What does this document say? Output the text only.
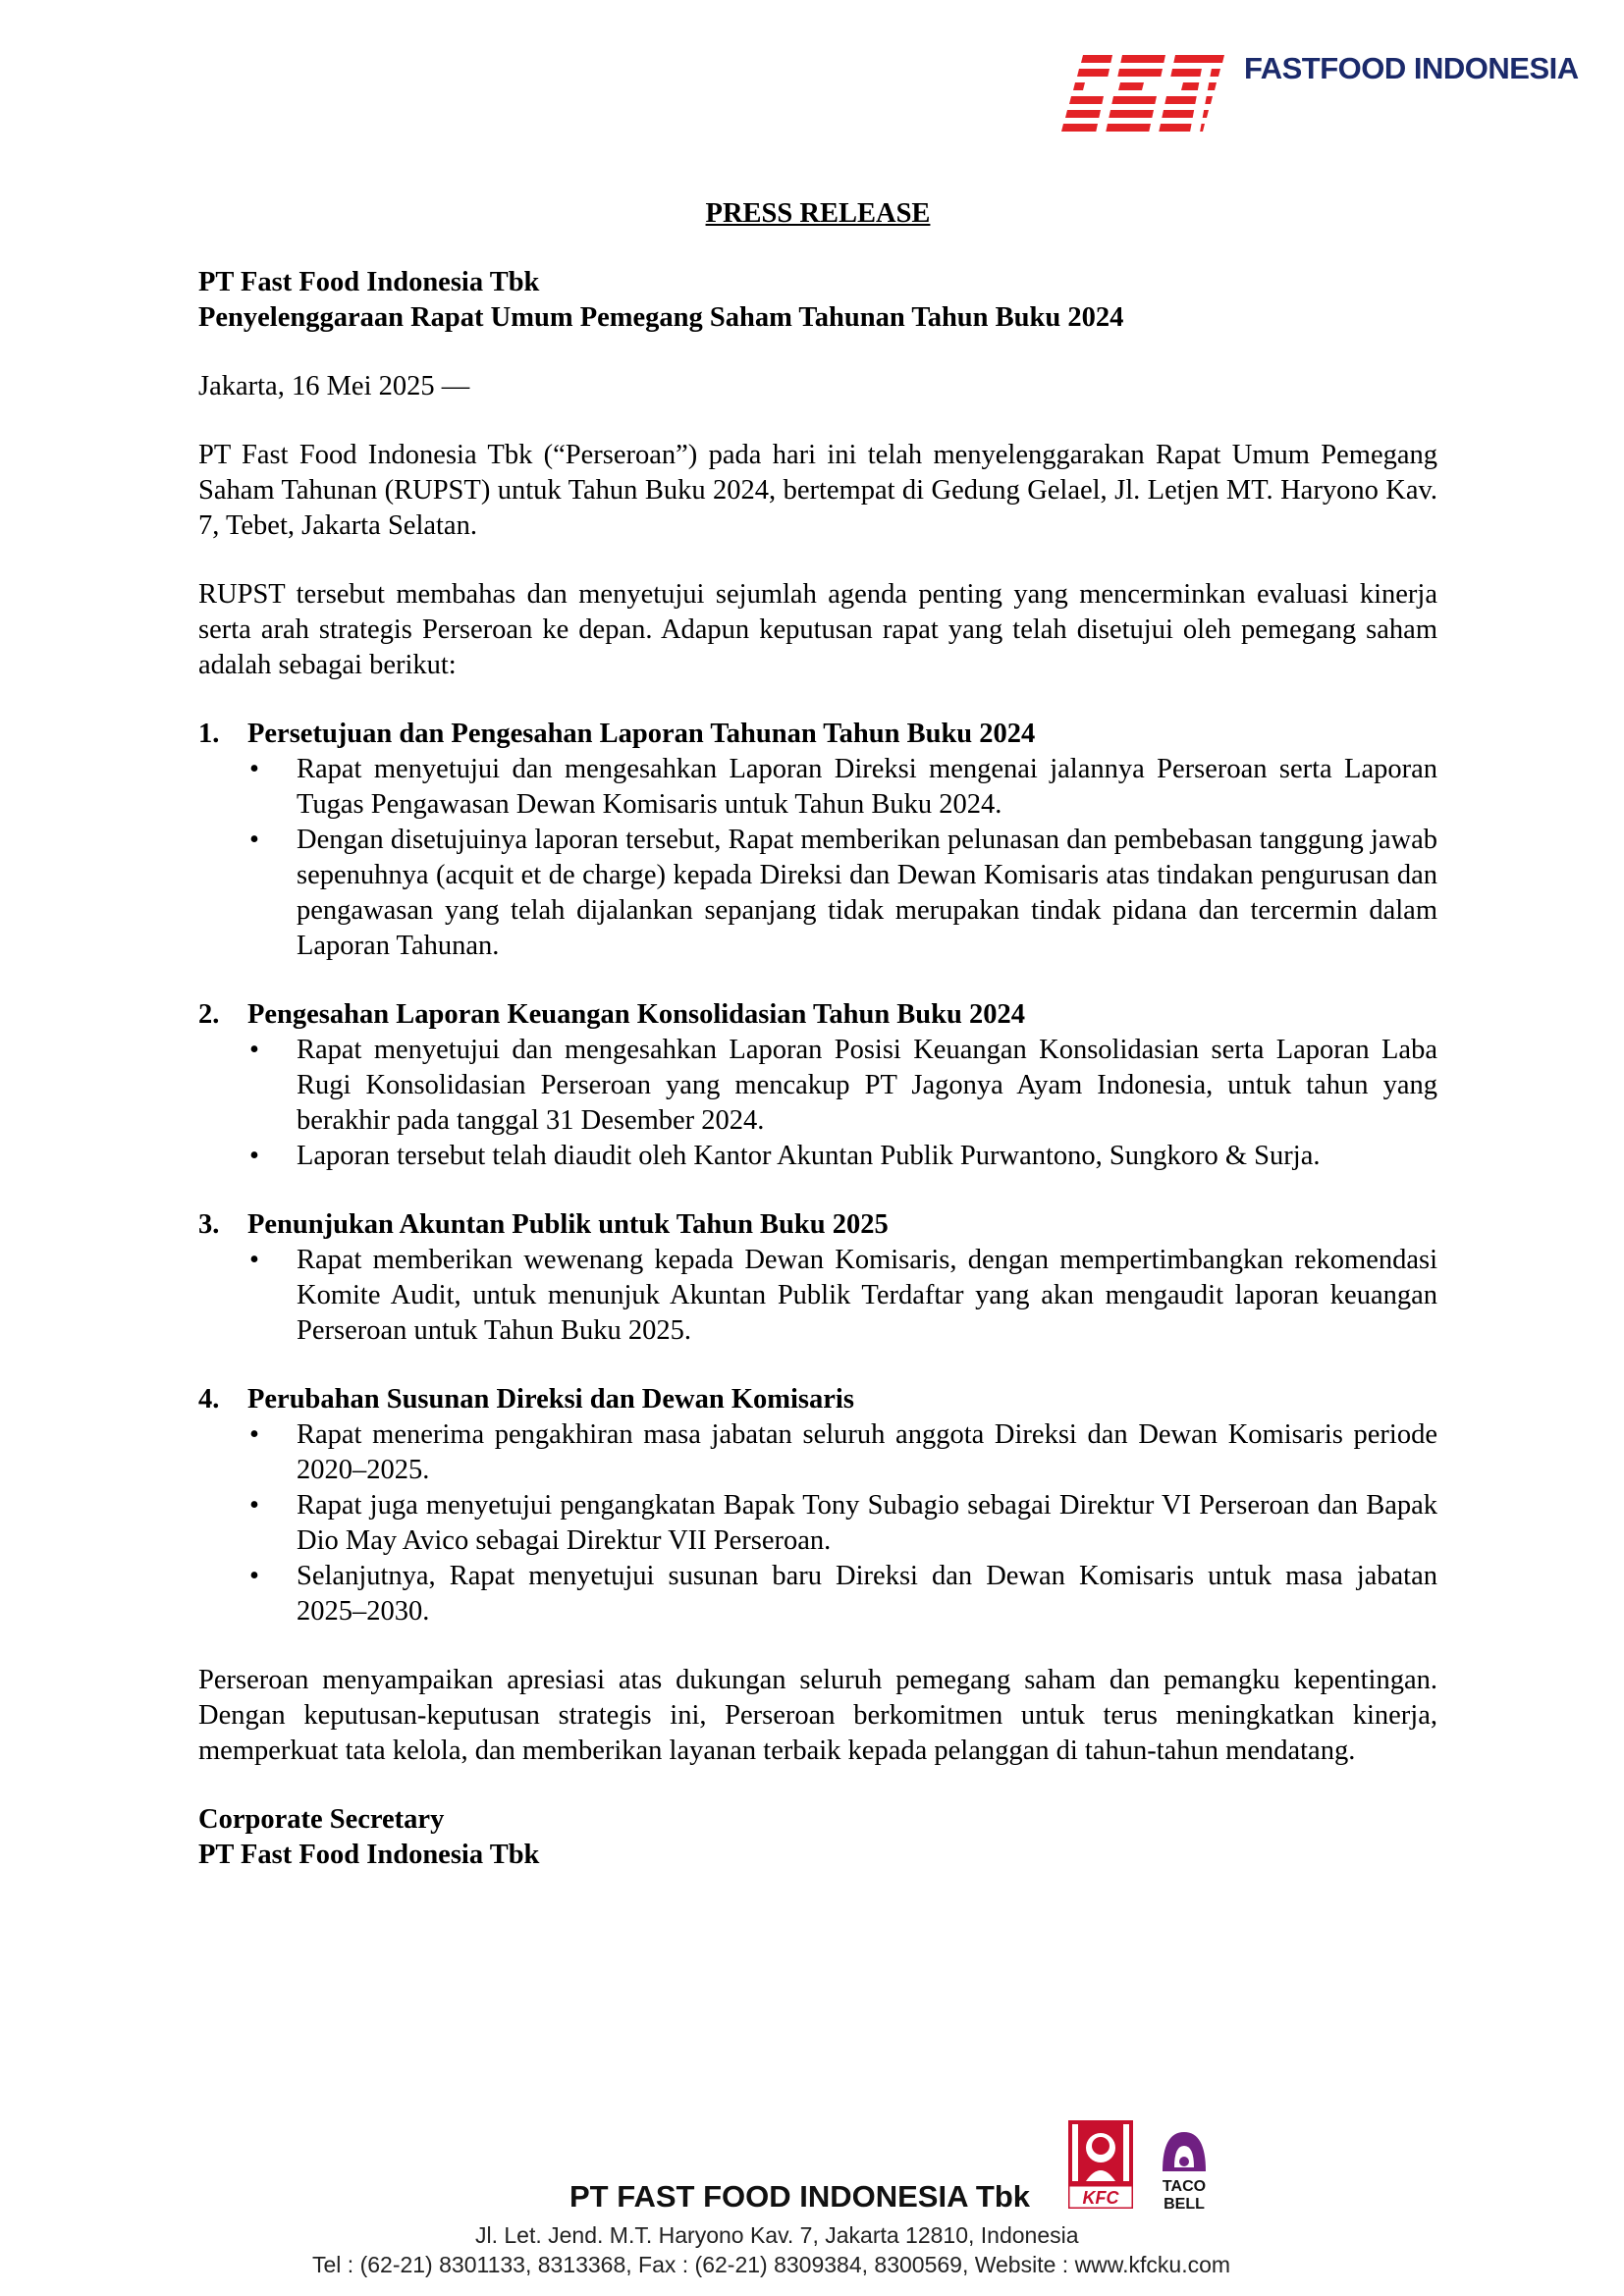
FASTFOOD INDONESIA
PRESS RELEASE
PT Fast Food Indonesia Tbk
Penyelenggaraan Rapat Umum Pemegang Saham Tahunan Tahun Buku 2024
Jakarta, 16 Mei 2025 —
PT Fast Food Indonesia Tbk (“Perseroan”) pada hari ini telah menyelenggarakan Rapat Umum Pemegang Saham Tahunan (RUPST) untuk Tahun Buku 2024, bertempat di Gedung Gelael, Jl. Letjen MT. Haryono Kav. 7, Tebet, Jakarta Selatan.
RUPST tersebut membahas dan menyetujui sejumlah agenda penting yang mencerminkan evaluasi kinerja serta arah strategis Perseroan ke depan. Adapun keputusan rapat yang telah disetujui oleh pemegang saham adalah sebagai berikut:
1.	Persetujuan dan Pengesahan Laporan Tahunan Tahun Buku 2024
• Rapat menyetujui dan mengesahkan Laporan Direksi mengenai jalannya Perseroan serta Laporan Tugas Pengawasan Dewan Komisaris untuk Tahun Buku 2024.
• Dengan disetujuinya laporan tersebut, Rapat memberikan pelunasan dan pembebasan tanggung jawab sepenuhnya (acquit et de charge) kepada Direksi dan Dewan Komisaris atas tindakan pengurusan dan pengawasan yang telah dijalankan sepanjang tidak merupakan tindak pidana dan tercermin dalam Laporan Tahunan.
2.	Pengesahan Laporan Keuangan Konsolidasian Tahun Buku 2024
• Rapat menyetujui dan mengesahkan Laporan Posisi Keuangan Konsolidasian serta Laporan Laba Rugi Konsolidasian Perseroan yang mencakup PT Jagonya Ayam Indonesia, untuk tahun yang berakhir pada tanggal 31 Desember 2024.
• Laporan tersebut telah diaudit oleh Kantor Akuntan Publik Purwantono, Sungkoro & Surja.
3.	Penunjukan Akuntan Publik untuk Tahun Buku 2025
• Rapat memberikan wewenang kepada Dewan Komisaris, dengan mempertimbangkan rekomendasi Komite Audit, untuk menunjuk Akuntan Publik Terdaftar yang akan mengaudit laporan keuangan Perseroan untuk Tahun Buku 2025.
4.	Perubahan Susunan Direksi dan Dewan Komisaris
• Rapat menerima pengakhiran masa jabatan seluruh anggota Direksi dan Dewan Komisaris periode 2020–2025.
• Rapat juga menyetujui pengangkatan Bapak Tony Subagio sebagai Direktur VI Perseroan dan Bapak Dio May Avico sebagai Direktur VII Perseroan.
• Selanjutnya, Rapat menyetujui susunan baru Direksi dan Dewan Komisaris untuk masa jabatan 2025–2030.
Perseroan menyampaikan apresiasi atas dukungan seluruh pemegang saham dan pemangku kepentingan. Dengan keputusan-keputusan strategis ini, Perseroan berkomitmen untuk terus meningkatkan kinerja, memperkuat tata kelola, dan memberikan layanan terbaik kepada pelanggan di tahun-tahun mendatang.
Corporate Secretary
PT Fast Food Indonesia Tbk
KFC
TACO
BELL
PT FAST FOOD INDONESIA Tbk
Jl. Let. Jend. M.T. Haryono Kav. 7, Jakarta 12810, Indonesia
Tel : (62-21) 8301133, 8313368, Fax : (62-21) 8309384, 8300569, Website : www.kfcku.com
